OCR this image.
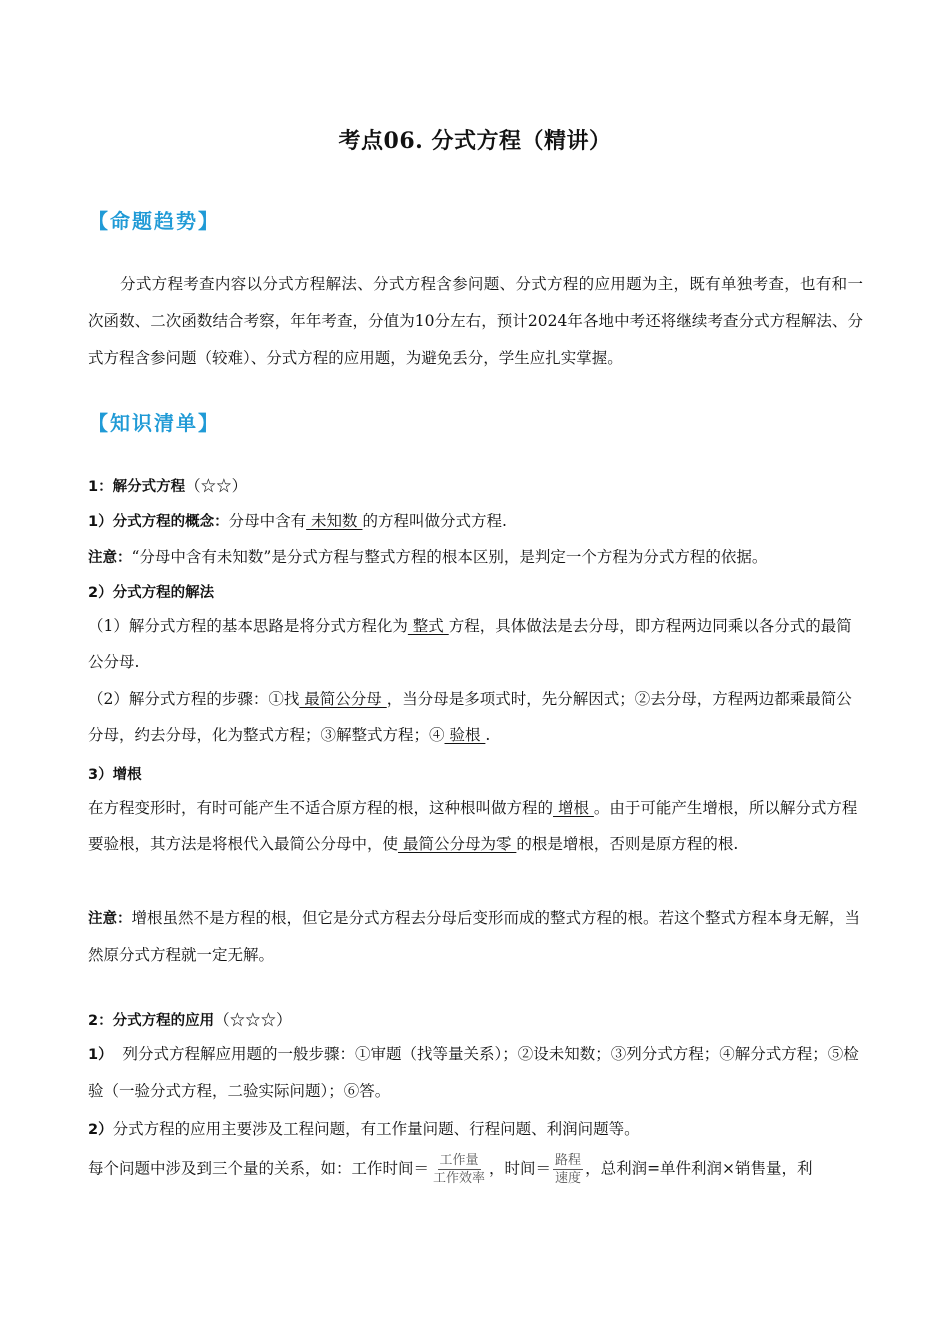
考点06. 分式方程（精讲）
【命题趋势】
分式方程考查内容以分式方程解法、分式方程含参问题、分式方程的应用题为主，既有单独考查，也有和一次函数、二次函数结合考察，年年考查，分值为10分左右，预计2024年各地中考还将继续考查分式方程解法、分式方程含参问题（较难）、分式方程的应用题，为避免丢分，学生应扎实掌握。
【知识清单】
1：解分式方程（☆☆）
1）分式方程的概念：分母中含有 未知数 的方程叫做分式方程.
注意：“分母中含有未知数”是分式方程与整式方程的根本区别，是判定一个方程为分式方程的依据。
2）分式方程的解法
（1）解分式方程的基本思路是将分式方程化为 整式 方程，具体做法是去分母，即方程两边同乘以各分式的最简公分母.
（2）解分式方程的步骤：①找 最简公分母 ，当分母是多项式时，先分解因式；②去分母，方程两边都乘最简公分母，约去分母，化为整式方程；③解整式方程；④ 验根 .
3）增根
在方程变形时，有时可能产生不适合原方程的根，这种根叫做方程的 增根 。由于可能产生增根，所以解分式方程要验根，其方法是将根代入最简公分母中，使 最简公分母为零 的根是增根，否则是原方程的根.
注意：增根虽然不是方程的根，但它是分式方程去分母后变形而成的整式方程的根。若这个整式方程本身无解，当然原分式方程就一定无解。
2：分式方程的应用（☆☆☆）
1） 列分式方程解应用题的一般步骤：①审题（找等量关系）；②设未知数；③列分式方程；④解分式方程；⑤检验（一验分式方程，二验实际问题）；⑥答。
2）分式方程的应用主要涉及工程问题，有工作量问题、行程问题、利润问题等。
每个问题中涉及到三个量的关系，如：工作时间＝ $\frac{\text{工作量}}{\text{工作效率}}$ ，时间＝ $\frac{\text{路程}}{\text{速度}}$ ，总利润=单件利润×销售量，利
